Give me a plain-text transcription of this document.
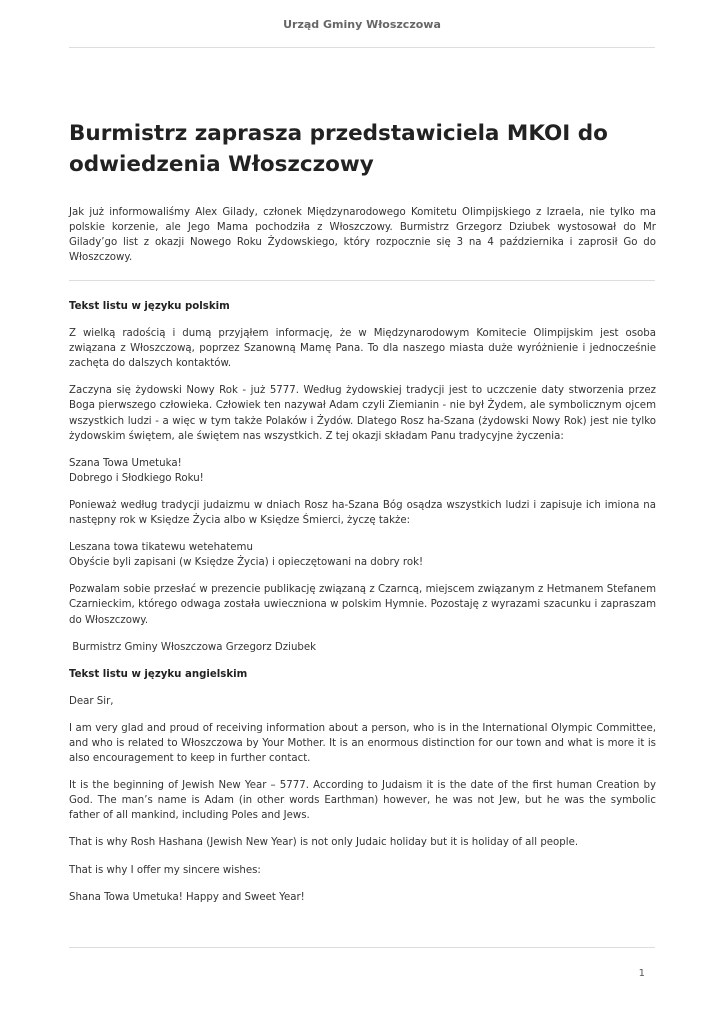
Urząd Gminy Włoszczowa
Burmistrz zaprasza przedstawiciela MKOI do odwiedzenia Włoszczowy

Jak już informowaliśmy Alex Gilady, członek Międzynarodowego Komitetu Olimpijskiego z Izraela, nie tylko ma polskie korzenie, ale Jego Mama pochodziła z Włoszczowy. Burmistrz Grzegorz Dziubek wystosował do Mr Gilady’go list z okazji Nowego Roku Żydowskiego, który rozpocznie się 3 na 4 października i zaprosił Go do Włoszczowy.

Tekst listu w języku polskim

Z wielką radością i dumą przyjąłem informację, że w Międzynarodowym Komitecie Olimpijskim jest osoba związana z Włoszczową, poprzez Szanowną Mamę Pana. To dla naszego miasta duże wyróżnienie i jednocześnie zachęta do dalszych kontaktów.

Zaczyna się żydowski Nowy Rok - już 5777. Według żydowskiej tradycji jest to uczczenie daty stworzenia przez Boga pierwszego człowieka. Człowiek ten nazywał Adam czyli Ziemianin - nie był Żydem, ale symbolicznym ojcem wszystkich ludzi - a więc w tym także Polaków i Żydów. Dlatego Rosz ha-Szana (żydowski Nowy Rok) jest nie tylko żydowskim świętem, ale świętem nas wszystkich. Z tej okazji składam Panu tradycyjne życzenia:

Szana Towa Umetuka!
Dobrego i Słodkiego Roku!

Ponieważ według tradycji judaizmu w dniach Rosz ha-Szana Bóg osądza wszystkich ludzi i zapisuje ich imiona na następny rok w Księdze Życia albo w Księdze Śmierci, życzę także:

Leszana towa tikatewu wetehatemu
Obyście byli zapisani (w Księdze Życia) i opieczętowani na dobry rok!

Pozwalam sobie przesłać w prezencie publikację związaną z Czarncą, miejscem związanym z Hetmanem Stefanem Czarnieckim, którego odwaga została uwieczniona w polskim Hymnie. Pozostaję z wyrazami szacunku i zapraszam do Włoszczowy.

Burmistrz Gminy Włoszczowa Grzegorz Dziubek

Tekst listu w języku angielskim

Dear Sir,

I am very glad and proud of receiving information about a person, who is in the International Olympic Committee, and who is related to Włoszczowa by Your Mother. It is an enormous distinction for our town and what is more it is also encouragement to keep in further contact.

It is the beginning of Jewish New Year – 5777. According to Judaism it is the date of the first human Creation by God. The man’s name is Adam (in other words Earthman) however, he was not Jew, but he was the symbolic father of all mankind, including Poles and Jews.

That is why Rosh Hashana (Jewish New Year) is not only Judaic holiday but it is holiday of all people.

That is why I offer my sincere wishes:

Shana Towa Umetuka! Happy and Sweet Year!

1
